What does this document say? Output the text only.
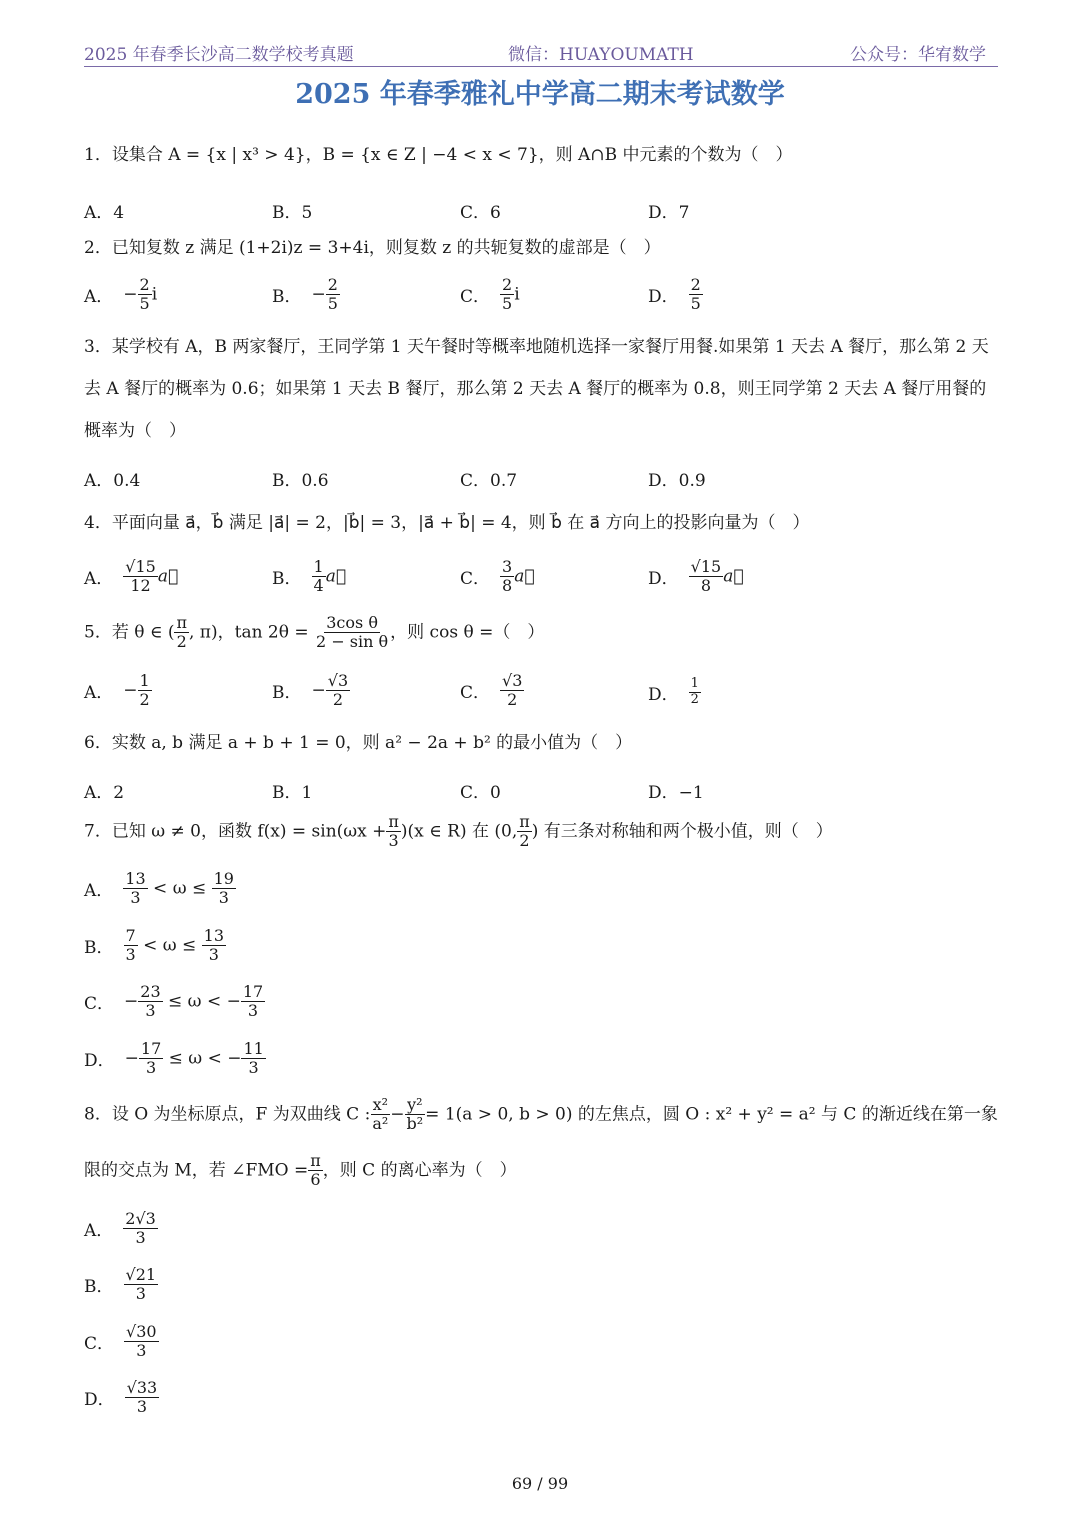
2025 年春季长沙高二数学校考真题	微信：HUAYOUMATH	公众号：华宥数学
2025 年春季雅礼中学高二期末考试数学
1．设集合 A = {x | x³ > 4}，B = {x ∈ Z | −4 < x < 7}，则 A∩B 中元素的个数为（　）
A．4	B．5	C．6	D．7
2．已知复数 z 满足 (1+2i)z = 3+4i，则复数 z 的共轭复数的虚部是（　）
A． − $\frac{2}{5}$ i	B． − $\frac{2}{5}$	C． $\frac{2}{5}$ i	D． $\frac{2}{5}$
3．某学校有 A，B 两家餐厅，王同学第 1 天午餐时等概率地随机选择一家餐厅用餐.如果第 1 天去 A 餐厅，那么第 2 天去 A 餐厅的概率为 0.6；如果第 1 天去 B 餐厅，那么第 2 天去 A 餐厅的概率为 0.8，则王同学第 2 天去 A 餐厅用餐的概率为（　）
A．0.4	B．0.6	C．0.7	D．0.9
4．平面向量 a⃗，b⃗ 满足 |a⃗| = 2，|b⃗| = 3，|a⃗ + b⃗| = 4，则 b⃗ 在 a⃗ 方向上的投影向量为（　）
A． $\frac{√15}{12}$ a⃗	B． $\frac{1}{4}$ a⃗	C． $\frac{3}{8}$ a⃗	D． $\frac{√15}{8}$ a⃗
5．若 θ ∈ ( $\frac{\pi}{2}$ , π)，$\tan 2\theta = \frac{\text{3cos θ}}{\text{2 − sin θ}}$ ，则 cos θ =（　）
A． − $\frac{1}{2}$	B． − $\frac{√3}{2}$	C． $\frac{√3}{2}$	D． $\frac{1}{2}$
6．实数 a, b 满足 a + b + 1 = 0，则 a² − 2a + b² 的最小值为（　）
A．2	B．1	C．0	D．−1
7．已知 ω ≠ 0，函数 $f(x) = \sin(\omega x + \frac{\pi}{3} )(x$ ∈ R) 在 (0, $\frac{\pi}{2}$ ) 有三条对称轴和两个极小值，则（　）
A． $\frac{13}{3} < \omega \le \frac{19}{3}$
B． $\frac{7}{3} < \omega \le \frac{13}{3}$
C． − $\frac{23}{3} \le \omega$ < − $\frac{17}{3}$
D． − $\frac{17}{3} \le \omega$ < − $\frac{11}{3}$
8．设 O 为坐标原点，F 为双曲线 C : $\frac{\text{x²}}{\text{a²}} - \frac{\text{y²}}{\text{b²}} = 1(a > 0$, b > 0) 的左焦点，圆 O : x² + y² = a² 与 C 的渐近线在第一象
限的交点为 M，若 ∠FMO = $\frac{\pi}{6}$ ，则 C 的离心率为（　）
A． $\frac{2√3}{3}$
B． $\frac{√21}{3}$
C． $\frac{√30}{3}$
D． $\frac{√33}{3}$
69 / 99
